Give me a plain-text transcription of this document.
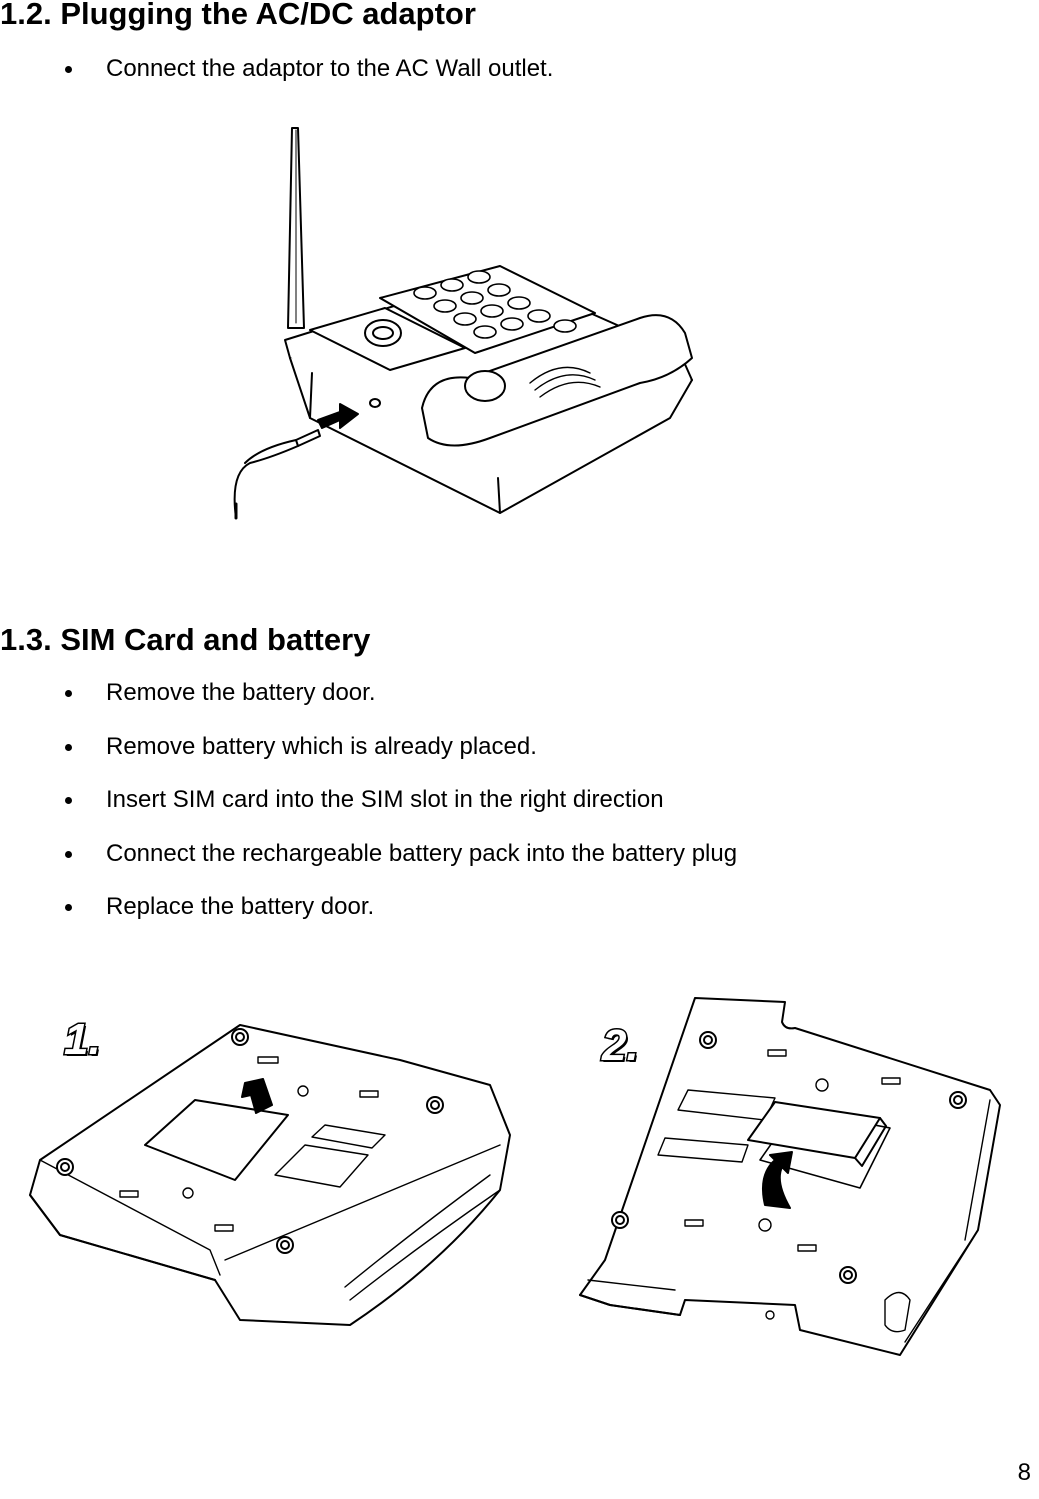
1.2. Plugging the AC/DC adaptor
Connect the adaptor to the AC Wall outlet.
1.3. SIM Card and battery
Remove the battery door.
Remove battery which is already placed.
Insert SIM card into the SIM slot in the right direction
Connect the rechargeable battery pack into the battery plug
Replace the battery door.
1.	2.
8
